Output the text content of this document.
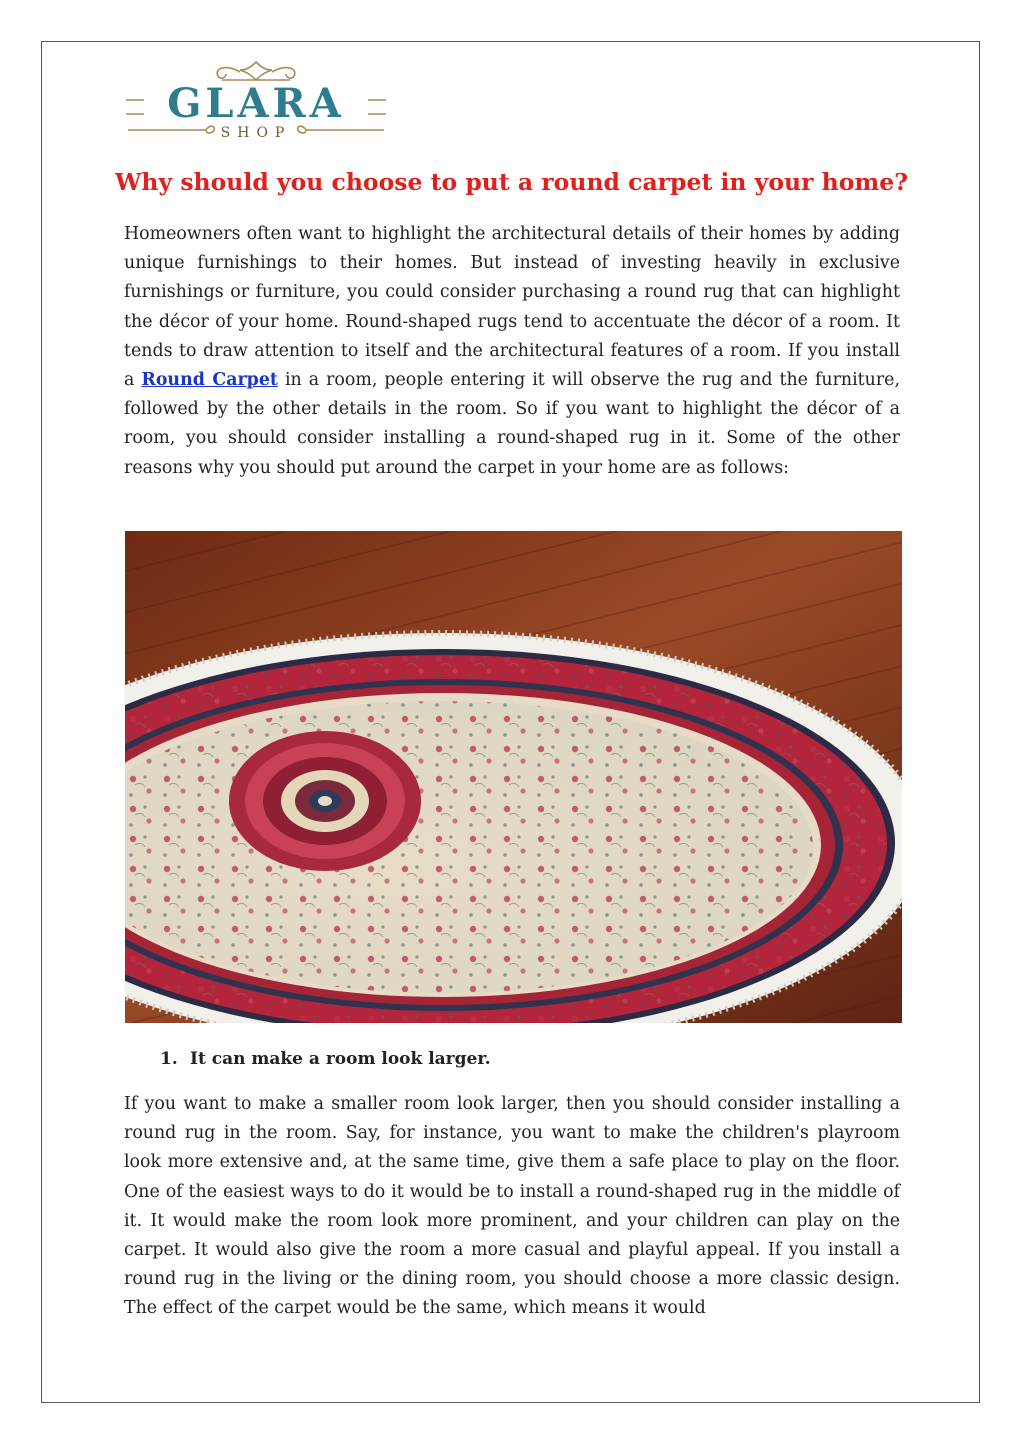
GLARA
SHOP
Why should you choose to put a round carpet in your home?

Homeowners often want to highlight the architectural details of their homes by adding unique furnishings to their homes. But instead of investing heavily in exclusive furnishings or furniture, you could consider purchasing a round rug that can highlight the décor of your home. Round-shaped rugs tend to accentuate the décor of a room. It tends to draw attention to itself and the architectural features of a room. If you install a Round Carpet in a room, people entering it will observe the rug and the furniture, followed by the other details in the room. So if you want to highlight the décor of a room, you should consider installing a round-shaped rug in it. Some of the other reasons why you should put around the carpet in your home are as follows:

1. It can make a room look larger.

If you want to make a smaller room look larger, then you should consider installing a round rug in the room. Say, for instance, you want to make the children's playroom look more extensive and, at the same time, give them a safe place to play on the floor. One of the easiest ways to do it would be to install a round-shaped rug in the middle of it. It would make the room look more prominent, and your children can play on the carpet. It would also give the room a more casual and playful appeal. If you install a round rug in the living or the dining room, you should choose a more classic design. The effect of the carpet would be the same, which means it would
